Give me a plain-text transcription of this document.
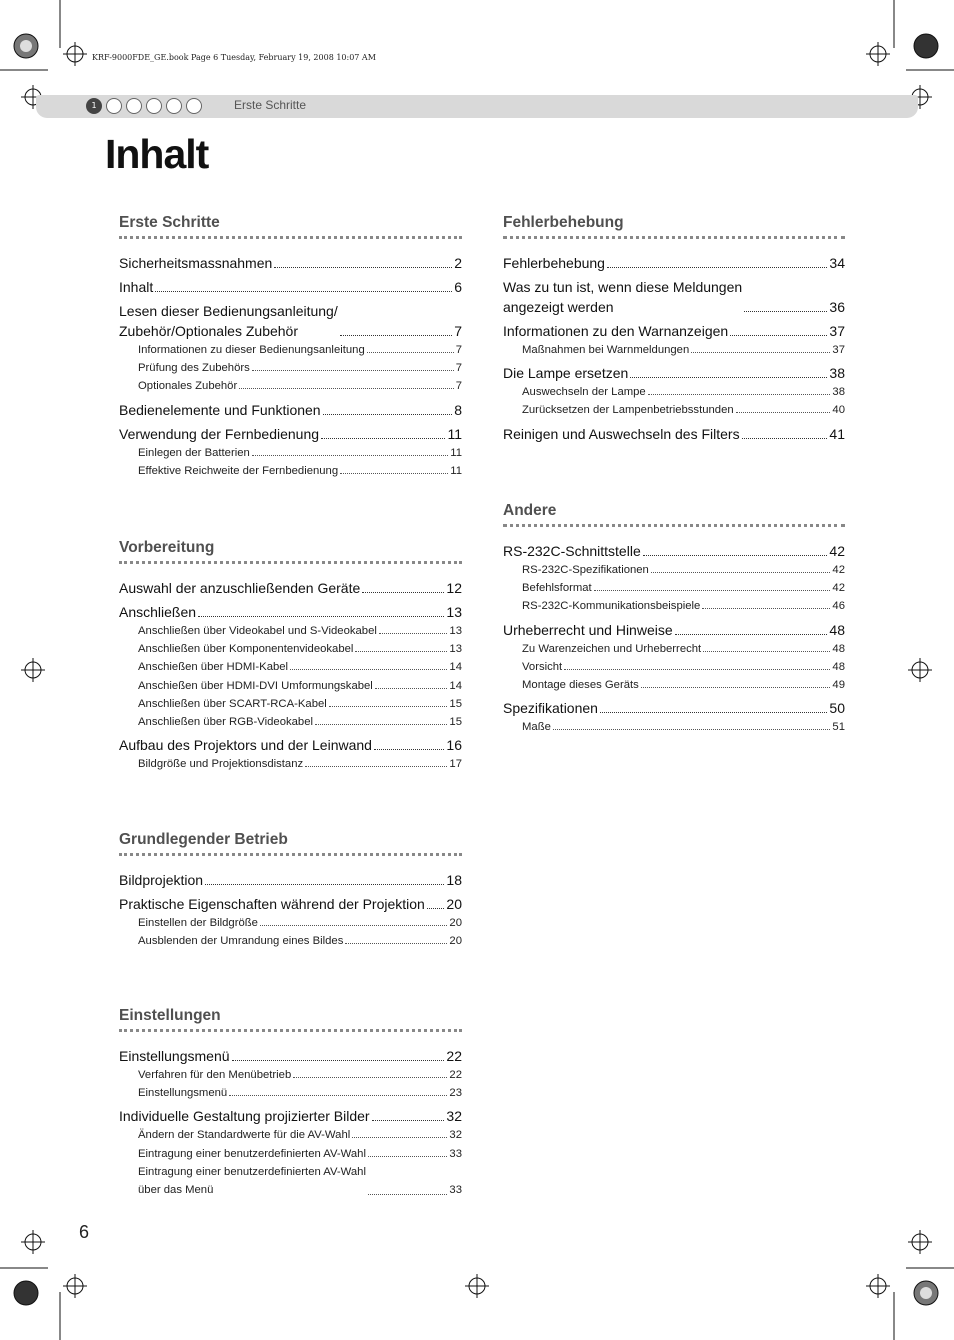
KRF-9000FDE_GE.book Page 6 Tuesday, February 19, 2008 10:07 AM
1	Erste Schritte
Inhalt
Erste Schritte
Sicherheitsmassnahmen	2
Inhalt	6
Lesen dieser Bedienungsanleitung/
Zubehör/Optionales Zubehör	7
Informationen zu dieser Bedienungsanleitung	7
Prüfung des Zubehörs	7
Optionales Zubehör	7
Bedienelemente und Funktionen	8
Verwendung der Fernbedienung	11
Einlegen der Batterien	11
Effektive Reichweite der Fernbedienung	11
Vorbereitung
Auswahl der anzuschließenden Geräte	12
Anschließen	13
Anschließen über Videokabel und S-Videokabel	13
Anschließen über Komponentenvideokabel	13
Anschießen über HDMI-Kabel	14
Anschießen über HDMI-DVI Umformungskabel	14
Anschließen über SCART-RCA-Kabel	15
Anschließen über RGB-Videokabel	15
Aufbau des Projektors und der Leinwand	16
Bildgröße und Projektionsdistanz	17
Grundlegender Betrieb
Bildprojektion	18
Praktische Eigenschaften während der Projektion 20
Einstellen der Bildgröße	20
Ausblenden der Umrandung eines Bildes	20
Einstellungen
Einstellungsmenü	22
Verfahren für den Menübetrieb	22
Einstellungsmenü	23
Individuelle Gestaltung projizierter Bilder	32
Ändern der Standardwerte für die AV-Wahl	32
Eintragung einer benutzerdefinierten AV-Wahl	33
Eintragung einer benutzerdefinierten AV-Wahl
über das Menü	33
Fehlerbehebung
Fehlerbehebung	34
Was zu tun ist, wenn diese Meldungen
angezeigt werden	36
Informationen zu den Warnanzeigen	37
Maßnahmen bei Warnmeldungen	37
Die Lampe ersetzen	38
Auswechseln der Lampe	38
Zurücksetzen der Lampenbetriebsstunden	40
Reinigen und Auswechseln des Filters	41
Andere
RS-232C-Schnittstelle	42
RS-232C-Spezifikationen	42
Befehlsformat	42
RS-232C-Kommunikationsbeispiele	46
Urheberrecht und Hinweise	48
Zu Warenzeichen und Urheberrecht	48
Vorsicht	48
Montage dieses Geräts	49
Spezifikationen	50
Maße	51
6
